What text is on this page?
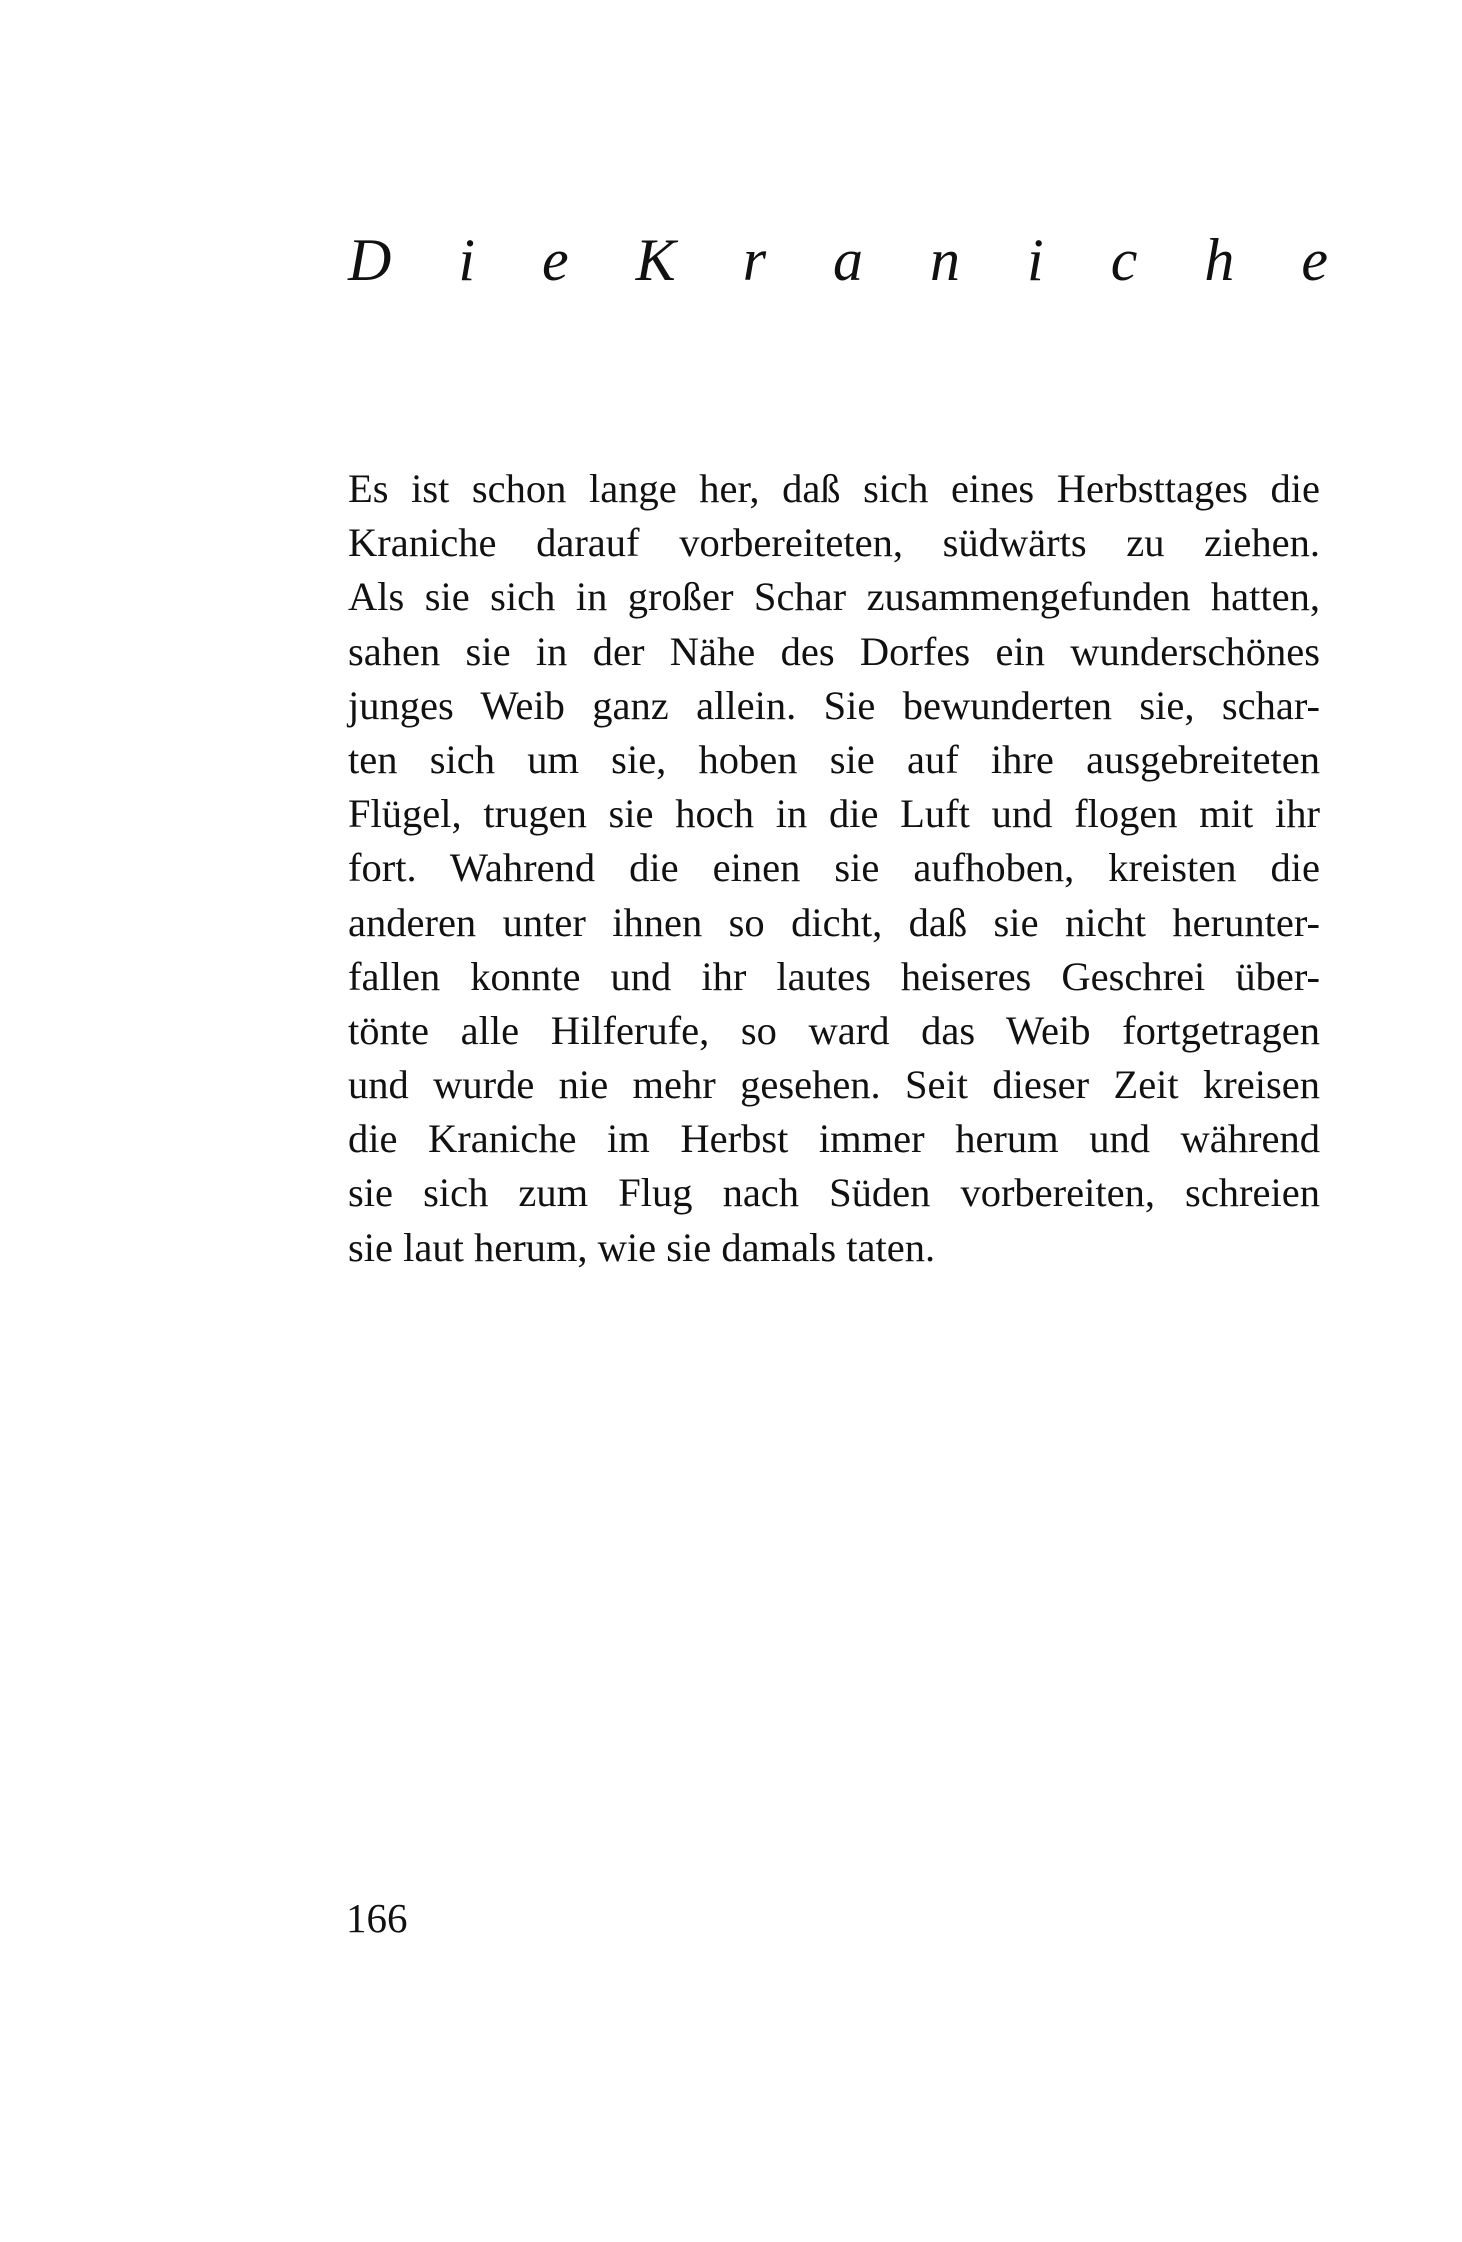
D i e K r a n i c h e
Es ist schon lange her, daß sich eines Herbsttages die
Kraniche darauf vorbereiteten, südwärts zu ziehen.
Als sie sich in großer Schar zusammengefunden hatten,
sahen sie in der Nähe des Dorfes ein wunderschönes
junges Weib ganz allein. Sie bewunderten sie, schar-
ten sich um sie, hoben sie auf ihre ausgebreiteten
Flügel, trugen sie hoch in die Luft und flogen mit ihr
fort. Wahrend die einen sie aufhoben, kreisten die
anderen unter ihnen so dicht, daß sie nicht herunter-
fallen konnte und ihr lautes heiseres Geschrei über-
tönte alle Hilferufe, so ward das Weib fortgetragen
und wurde nie mehr gesehen. Seit dieser Zeit kreisen
die Kraniche im Herbst immer herum und während
sie sich zum Flug nach Süden vorbereiten, schreien
sie laut herum, wie sie damals taten.
166
